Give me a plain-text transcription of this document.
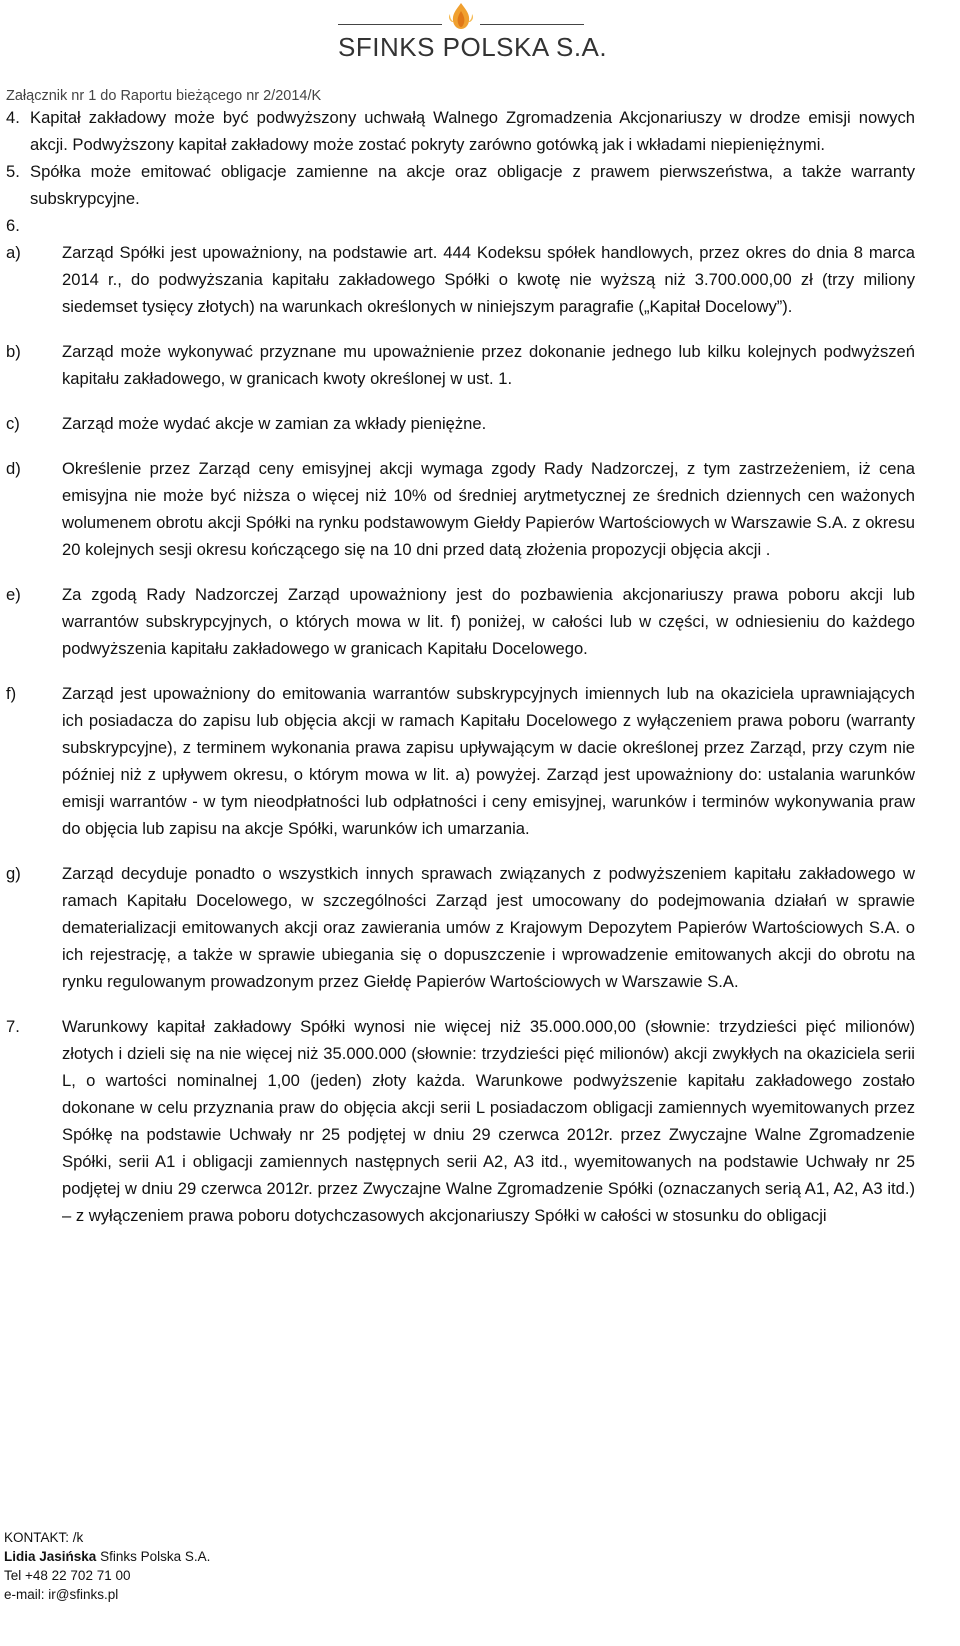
SFINKS POLSKA S.A.
Załącznik nr 1 do Raportu bieżącego nr 2/2014/K
4. Kapitał zakładowy może być podwyższony uchwałą Walnego Zgromadzenia Akcjonariuszy w drodze emisji nowych akcji. Podwyższony kapitał zakładowy może zostać pokryty zarówno gotówką jak i wkładami niepieniężnymi.
5. Spółka może emitować obligacje zamienne na akcje oraz obligacje z prawem pierwszeństwa, a także warranty subskrypcyjne.
6.

a) Zarząd Spółki jest upoważniony, na podstawie art. 444 Kodeksu spółek handlowych, przez okres do dnia 8 marca 2014 r., do podwyższania kapitału zakładowego Spółki o kwotę nie wyższą niż 3.700.000,00 zł (trzy miliony siedemset tysięcy złotych) na warunkach określonych w niniejszym paragrafie („Kapitał Docelowy”).
b) Zarząd może wykonywać przyznane mu upoważnienie przez dokonanie jednego lub kilku kolejnych podwyższeń kapitału zakładowego, w granicach kwoty określonej w ust. 1.
c)	Zarząd może wydać akcje w zamian za wkłady pieniężne.
d) Określenie przez Zarząd ceny emisyjnej akcji wymaga zgody Rady Nadzorczej, z tym zastrzeżeniem, iż cena emisyjna nie może być niższa o więcej niż 10% od średniej arytmetycznej ze średnich dziennych cen ważonych wolumenem obrotu akcji Spółki na rynku podstawowym Giełdy Papierów Wartościowych w Warszawie S.A. z okresu 20 kolejnych sesji okresu kończącego się na 10 dni przed datą złożenia propozycji objęcia akcji .
e) Za zgodą Rady Nadzorczej Zarząd upoważniony jest do pozbawienia akcjonariuszy prawa poboru akcji lub warrantów subskrypcyjnych, o których mowa w lit. f) poniżej, w całości lub w części, w odniesieniu do każdego podwyższenia kapitału zakładowego w granicach Kapitału Docelowego.
f)	Zarząd jest upoważniony do emitowania warrantów subskrypcyjnych imiennych lub na okaziciela uprawniających ich posiadacza do zapisu lub objęcia akcji w ramach Kapitału Docelowego z wyłączeniem prawa poboru (warranty subskrypcyjne), z terminem wykonania prawa zapisu upływającym w dacie określonej przez Zarząd, przy czym nie później niż z upływem okresu, o którym mowa w lit. a) powyżej. Zarząd jest upoważniony do: ustalania warunków emisji warrantów - w tym nieodpłatności lub odpłatności i ceny emisyjnej, warunków i terminów wykonywania praw do objęcia lub zapisu na akcje Spółki, warunków ich umarzania.
g) Zarząd decyduje ponadto o wszystkich innych sprawach związanych z podwyższeniem kapitału zakładowego w ramach Kapitału Docelowego, w szczególności Zarząd jest umocowany do podejmowania działań w sprawie dematerializacji emitowanych akcji oraz zawierania umów z Krajowym Depozytem Papierów Wartościowych S.A. o ich rejestrację, a także w sprawie ubiegania się o dopuszczenie i wprowadzenie emitowanych akcji do obrotu na rynku regulowanym prowadzonym przez Giełdę Papierów Wartościowych w Warszawie S.A.
7.	Warunkowy kapitał zakładowy Spółki wynosi nie więcej niż 35.000.000,00 (słownie: trzydzieści pięć milionów) złotych i dzieli się na nie więcej niż 35.000.000 (słownie: trzydzieści pięć milionów) akcji zwykłych na okaziciela serii L, o wartości nominalnej 1,00 (jeden) złoty każda. Warunkowe podwyższenie kapitału zakładowego zostało dokonane w celu przyznania praw do objęcia akcji serii L posiadaczom obligacji zamiennych wyemitowanych przez Spółkę na podstawie Uchwały nr 25 podjętej w dniu 29 czerwca 2012r. przez Zwyczajne Walne Zgromadzenie Spółki, serii A1 i obligacji zamiennych następnych serii A2, A3 itd., wyemitowanych na podstawie Uchwały nr 25 podjętej w dniu 29 czerwca 2012r. przez Zwyczajne Walne Zgromadzenie Spółki (oznaczanych serią A1, A2, A3 itd.) – z wyłączeniem prawa poboru dotychczasowych akcjonariuszy Spółki w całości w stosunku do obligacji
KONTAKT: /k
Lidia Jasińska Sfinks Polska S.A.
Tel +48 22 702 71 00
e-mail: ir@sfinks.pl
